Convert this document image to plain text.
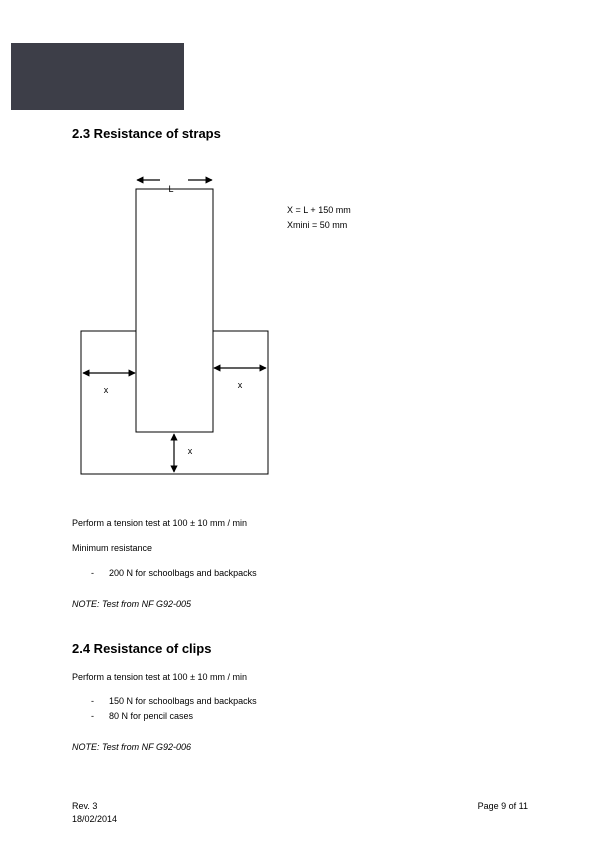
2.3 Resistance of straps
L
x	x
x
X = L + 150 mm
Xmini = 50 mm
Perform a tension test at 100 ± 10 mm / min
Minimum resistance
-	200 N for schoolbags and backpacks
NOTE: Test from NF G92-005
2.4 Resistance of clips
Perform a tension test at 100 ± 10 mm / min
-	150 N for schoolbags and backpacks
-	80 N for pencil cases
NOTE: Test from NF G92-006
Rev. 3
18/02/2014
Page 9 of 11
